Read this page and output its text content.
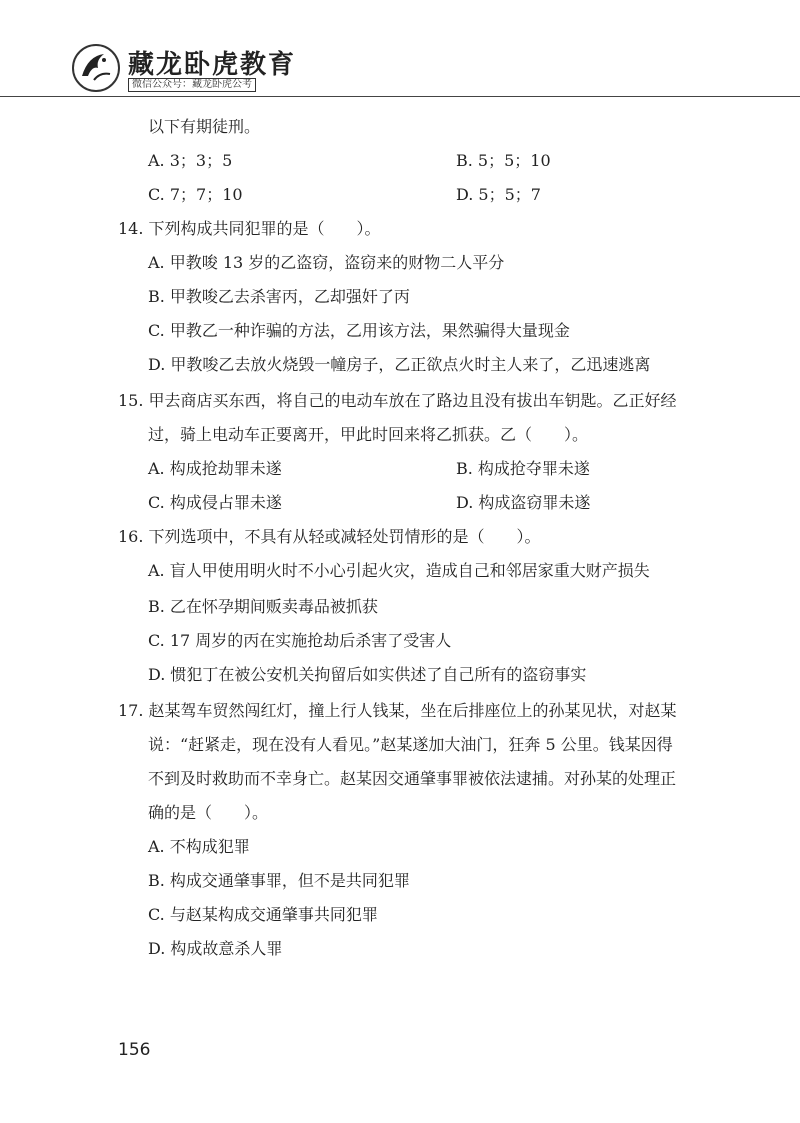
藏龙卧虎教育
微信公众号：藏龙卧虎公考
以下有期徒刑。
A. 3；3；5	B. 5；5；10
C. 7；7；10	D. 5；5；7
14. 下列构成共同犯罪的是（　　）。
A. 甲教唆 13 岁的乙盗窃，盗窃来的财物二人平分
B. 甲教唆乙去杀害丙，乙却强奸了丙
C. 甲教乙一种诈骗的方法，乙用该方法，果然骗得大量现金
D. 甲教唆乙去放火烧毁一幢房子，乙正欲点火时主人来了，乙迅速逃离
15. 甲去商店买东西，将自己的电动车放在了路边且没有拔出车钥匙。乙正好经
过，骑上电动车正要离开，甲此时回来将乙抓获。乙（　　）。
A. 构成抢劫罪未遂	B. 构成抢夺罪未遂
C. 构成侵占罪未遂	D. 构成盗窃罪未遂
16. 下列选项中，不具有从轻或减轻处罚情形的是（　　）。
A. 盲人甲使用明火时不小心引起火灾，造成自己和邻居家重大财产损失
B. 乙在怀孕期间贩卖毒品被抓获
C. 17 周岁的丙在实施抢劫后杀害了受害人
D. 惯犯丁在被公安机关拘留后如实供述了自己所有的盗窃事实
17. 赵某驾车贸然闯红灯，撞上行人钱某，坐在后排座位上的孙某见状，对赵某
说：“赶紧走，现在没有人看见。”赵某遂加大油门，狂奔 5 公里。钱某因得
不到及时救助而不幸身亡。赵某因交通肇事罪被依法逮捕。对孙某的处理正
确的是（　　）。
A. 不构成犯罪
B. 构成交通肇事罪，但不是共同犯罪
C. 与赵某构成交通肇事共同犯罪
D. 构成故意杀人罪
156
